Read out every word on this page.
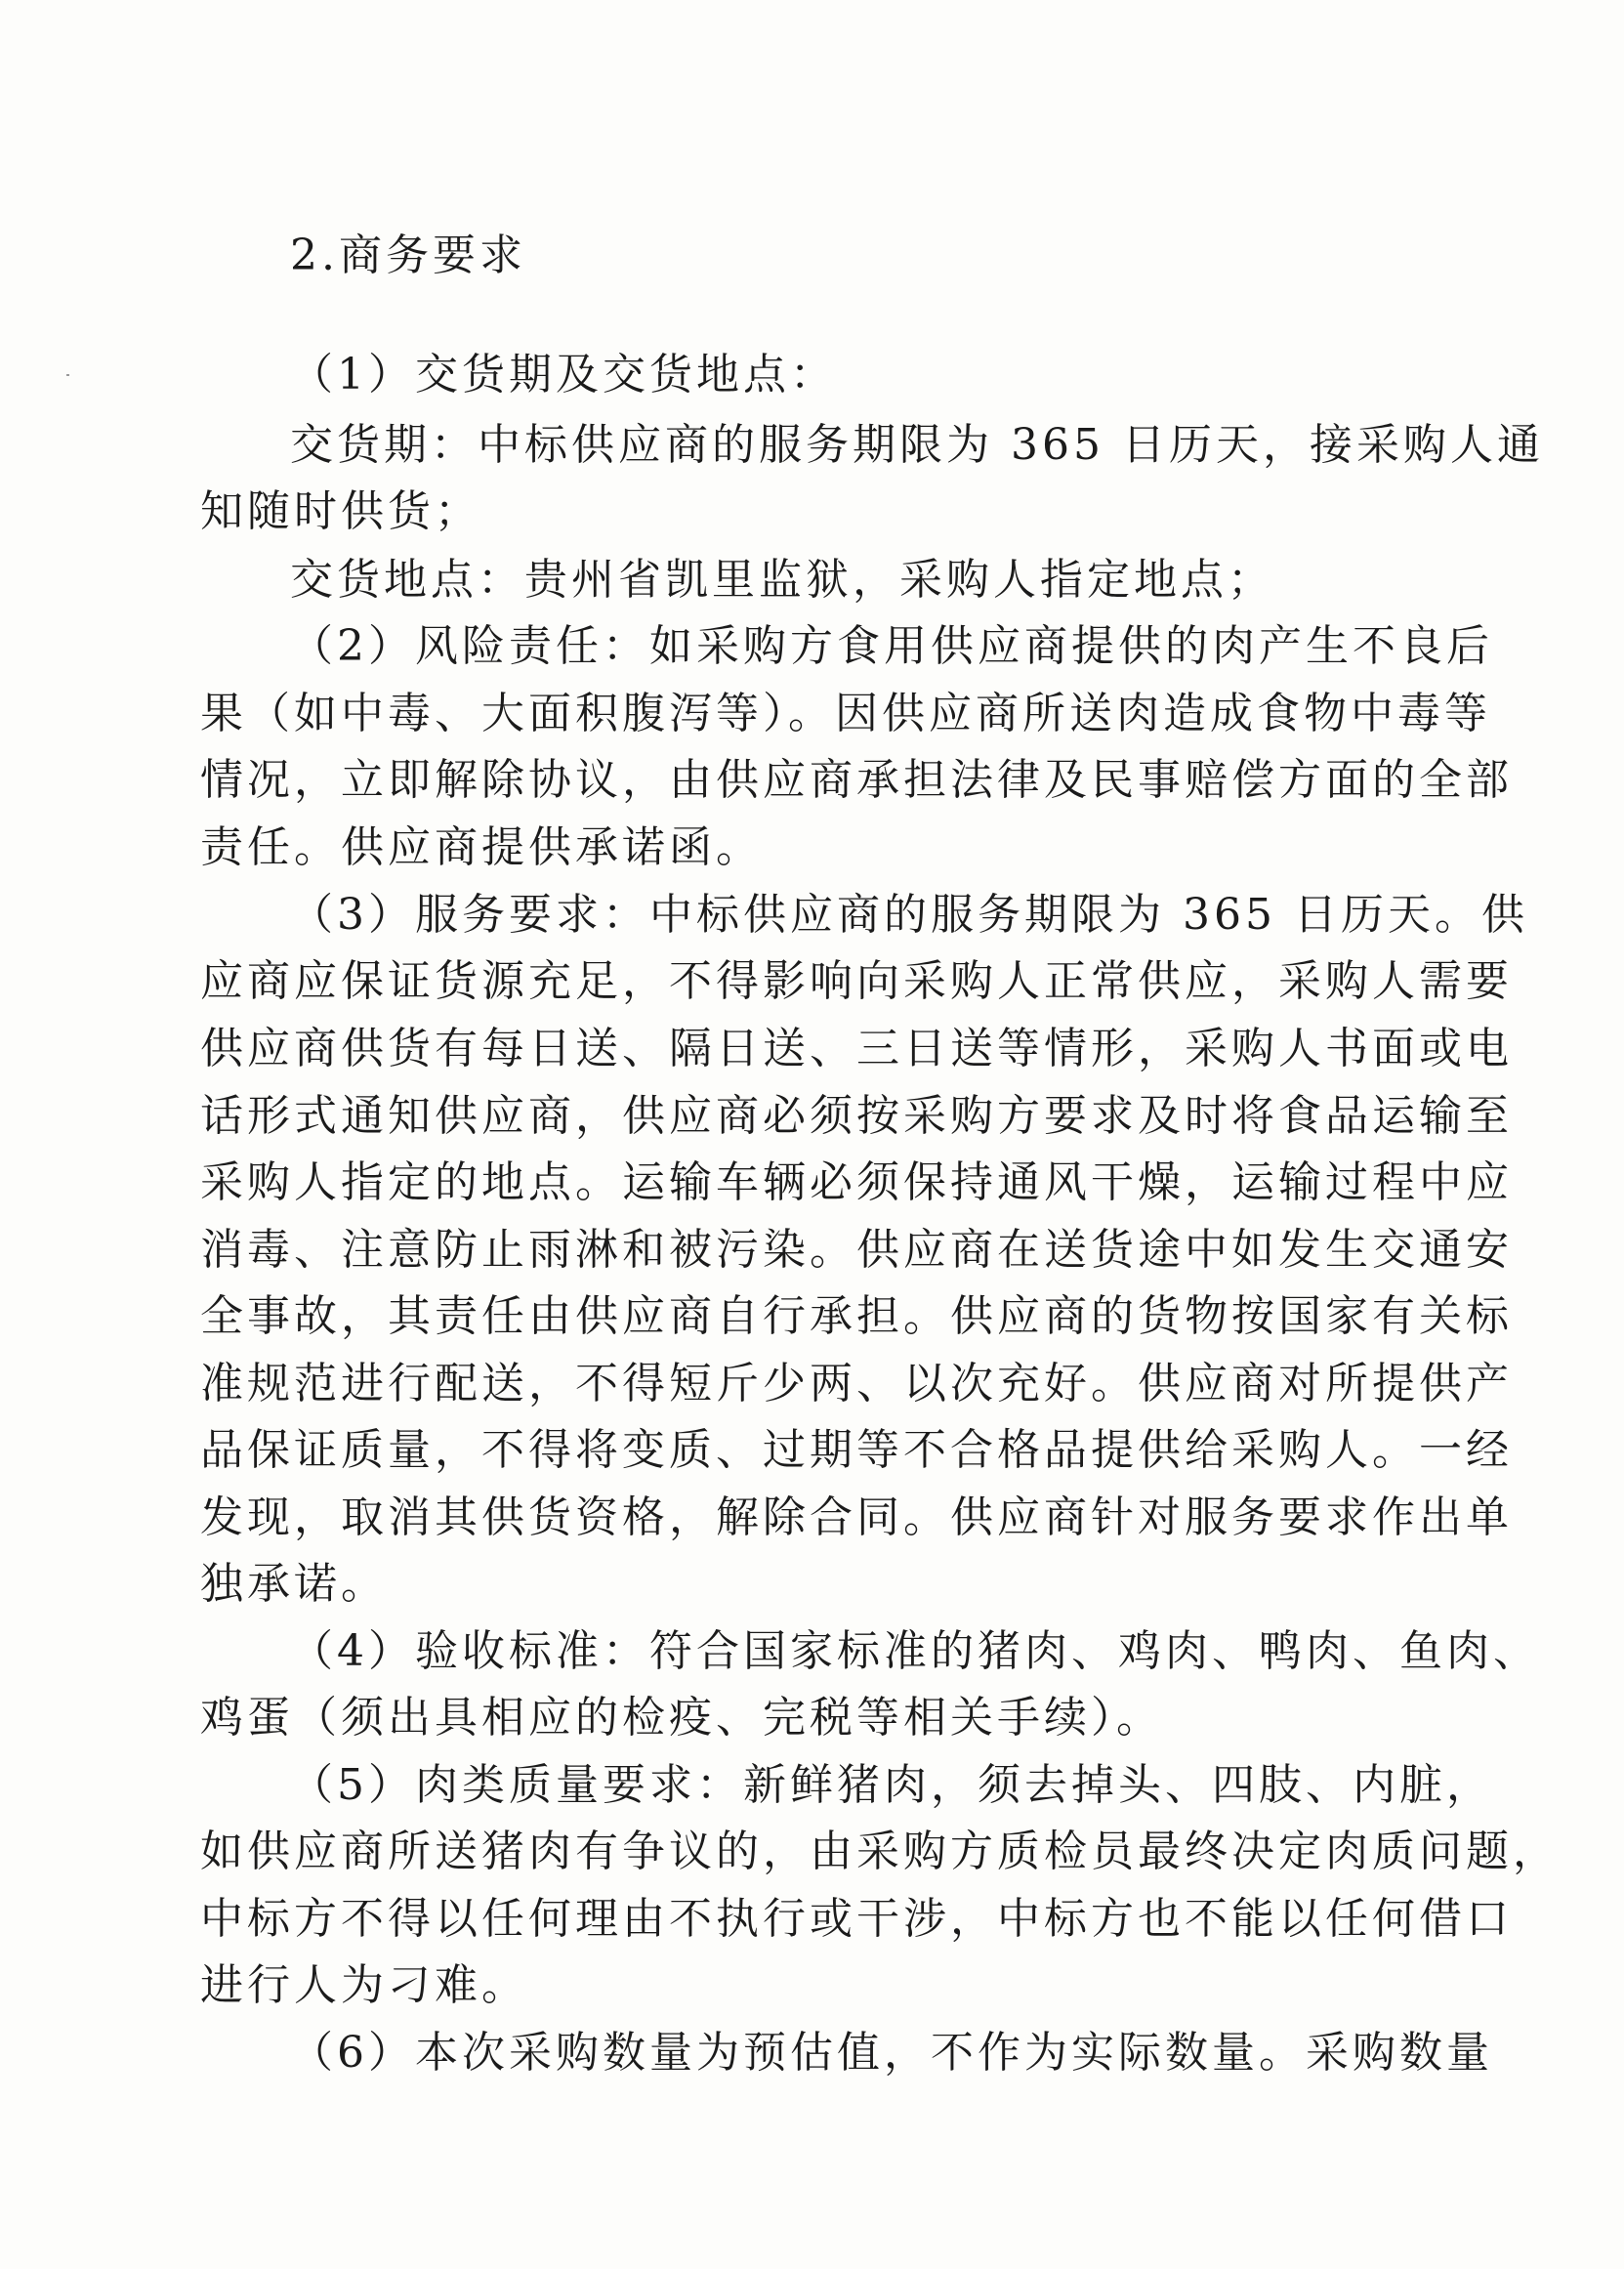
2.商务要求
（1）交货期及交货地点：
交货期：中标供应商的服务期限为 365 日历天，接采购人通
知随时供货；
交货地点：贵州省凯里监狱，采购人指定地点；
（2）风险责任：如采购方食用供应商提供的肉产生不良后
果（如中毒、大面积腹泻等）。因供应商所送肉造成食物中毒等
情况，立即解除协议，由供应商承担法律及民事赔偿方面的全部
责任。供应商提供承诺函。
（3）服务要求：中标供应商的服务期限为 365 日历天。供
应商应保证货源充足，不得影响向采购人正常供应，采购人需要
供应商供货有每日送、隔日送、三日送等情形，采购人书面或电
话形式通知供应商，供应商必须按采购方要求及时将食品运输至
采购人指定的地点。运输车辆必须保持通风干燥，运输过程中应
消毒、注意防止雨淋和被污染。供应商在送货途中如发生交通安
全事故，其责任由供应商自行承担。供应商的货物按国家有关标
准规范进行配送，不得短斤少两、以次充好。供应商对所提供产
品保证质量，不得将变质、过期等不合格品提供给采购人。一经
发现，取消其供货资格，解除合同。供应商针对服务要求作出单
独承诺。
（4）验收标准：符合国家标准的猪肉、鸡肉、鸭肉、鱼肉、
鸡蛋（须出具相应的检疫、完税等相关手续）。
（5）肉类质量要求：新鲜猪肉，须去掉头、四肢、内脏，
如供应商所送猪肉有争议的，由采购方质检员最终决定肉质问题，
中标方不得以任何理由不执行或干涉，中标方也不能以任何借口
进行人为刁难。
（6）本次采购数量为预估值，不作为实际数量。采购数量
